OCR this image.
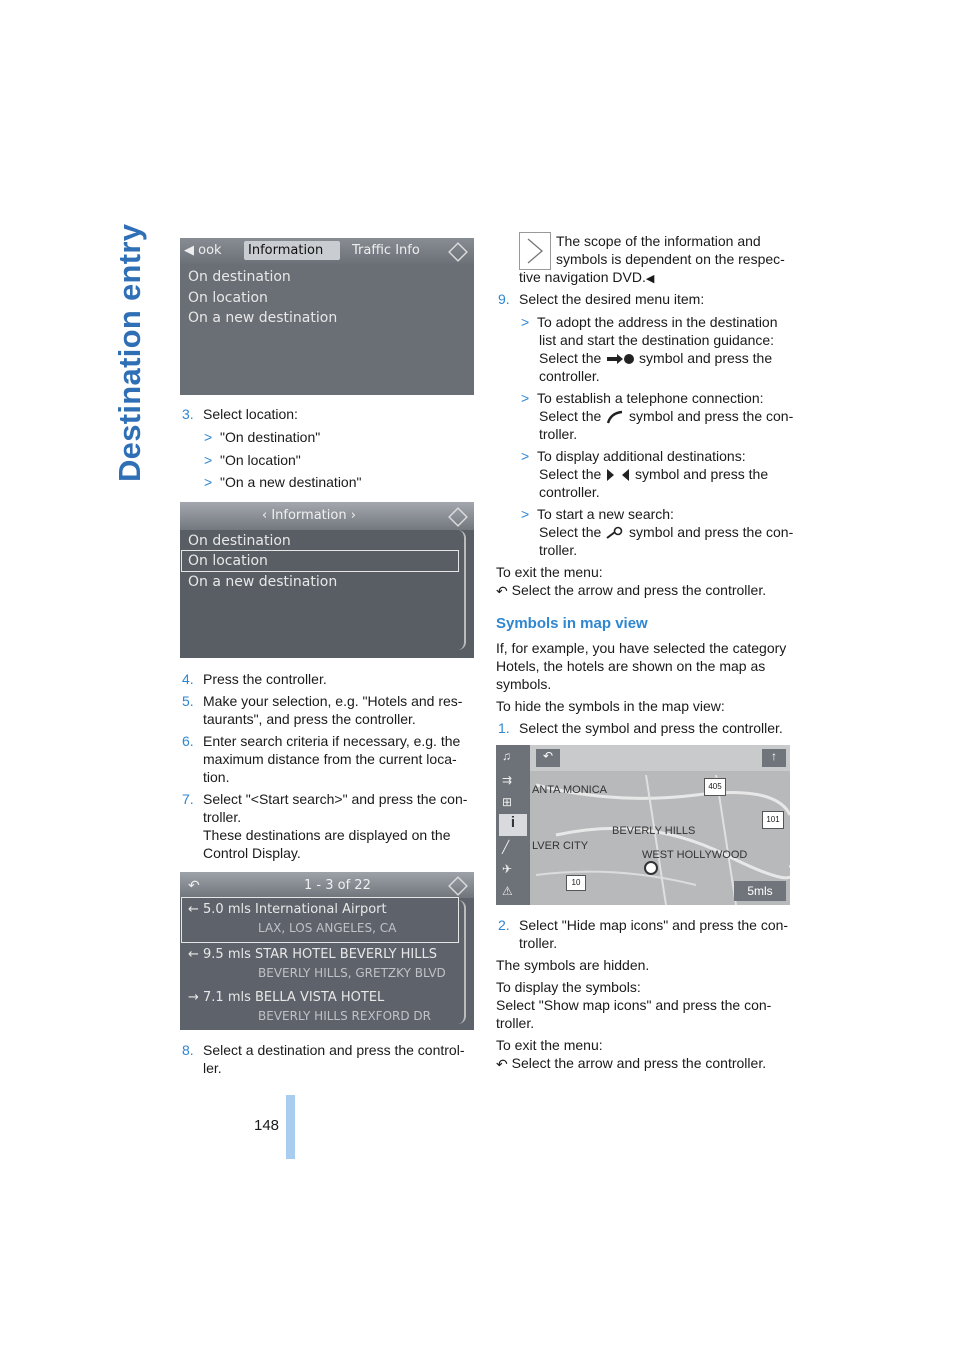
Destination entry	◀ ook Information Traffic Info
On destination
On location
On a new destination
3. Select location:
> "On destination"
> "On location"
> "On a new destination"
‹ Information ›
On destination
On location
On a new destination
4. Press the controller.
5. Make your selection, e.g. "Hotels and res-
taurants", and press the controller.
6. Enter search criteria if necessary, e.g. the
maximum distance from the current loca-
tion.
7. Select "<Start search>" and press the con-
troller.
These destinations are displayed on the
Control Display.
↶	1 - 3 of 22
← 5.0 mls International Airport
LAX, LOS ANGELES, CA
← 9.5 mls STAR HOTEL BEVERLY HILLS
BEVERLY HILLS, GRETZKY BLVD
→ 7.1 mls BELLA VISTA HOTEL
BEVERLY HILLS REXFORD DR
8. Select a destination and press the control-
ler.
The scope of the information and
symbols is dependent on the respec-
tive navigation DVD.◀
9. Select the desired menu item:
> To adopt the address in the destination
list and start the destination guidance:
Select the	symbol and press the
controller.
> To establish a telephone connection:
Select the symbol and press the con-
troller.
> To display additional destinations:
Select the symbol and press the
controller.
> To start a new search:
Select the symbol and press the con-
troller.
To exit the menu:
↶ Select the arrow and press the controller.
Symbols in map view
If, for example, you have selected the category
Hotels, the hotels are shown on the map as
symbols.
To hide the symbols in the map view:
1. Select the symbol and press the controller.
♫
⇉
⊞
i
╱
✈
⚠
↶	↑
ANTA MONICA
BEVERLY HILLS
LVER CITY
WEST HOLLYWOOD
405
101
10
5mls
2. Select "Hide map icons" and press the con-
troller.
The symbols are hidden.
To display the symbols:
Select "Show map icons" and press the con-
troller.
To exit the menu:
↶ Select the arrow and press the controller.
148
